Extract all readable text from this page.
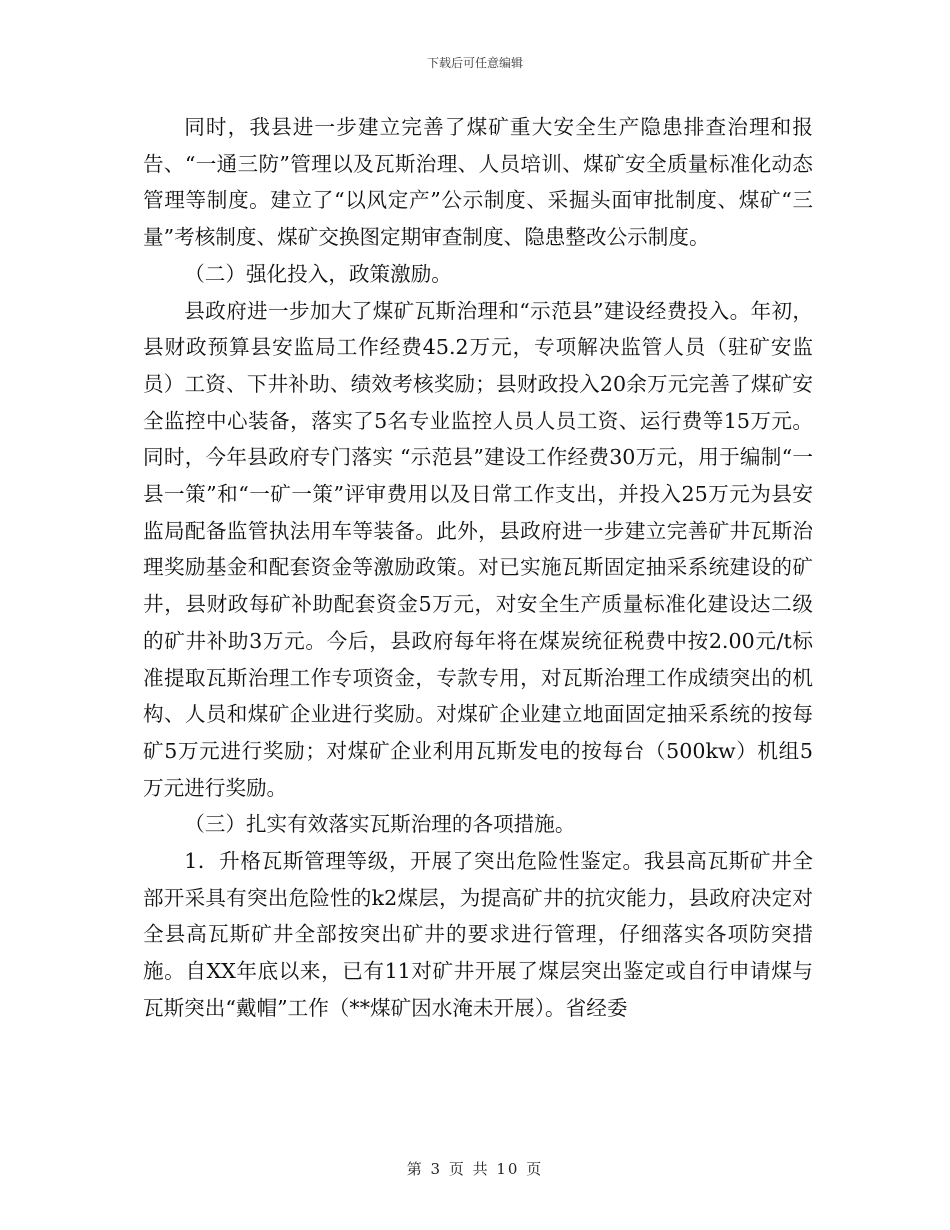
下载后可任意编辑

同时，我县进一步建立完善了煤矿重大安全生产隐患排查治理和报告、“一通三防”管理以及瓦斯治理、人员培训、煤矿安全质量标准化动态管理等制度。建立了“以风定产”公示制度、采掘头面审批制度、煤矿“三量”考核制度、煤矿交换图定期审查制度、隐患整改公示制度。

（二）强化投入，政策激励。

县政府进一步加大了煤矿瓦斯治理和“示范县”建设经费投入。年初，县财政预算县安监局工作经费45.2万元，专项解决监管人员（驻矿安监员）工资、下井补助、绩效考核奖励；县财政投入20余万元完善了煤矿安全监控中心装备，落实了5名专业监控人员人员工资、运行费等15万元。同时，今年县政府专门落实 “示范县”建设工作经费30万元，用于编制“一县一策”和“一矿一策”评审费用以及日常工作支出，并投入25万元为县安监局配备监管执法用车等装备。此外，县政府进一步建立完善矿井瓦斯治理奖励基金和配套资金等激励政策。对已实施瓦斯固定抽采系统建设的矿井，县财政每矿补助配套资金5万元，对安全生产质量标准化建设达二级的矿井补助3万元。今后，县政府每年将在煤炭统征税费中按2.00元/t标准提取瓦斯治理工作专项资金，专款专用，对瓦斯治理工作成绩突出的机构、人员和煤矿企业进行奖励。对煤矿企业建立地面固定抽采系统的按每矿5万元进行奖励；对煤矿企业利用瓦斯发电的按每台（500kw）机组5万元进行奖励。

（三）扎实有效落实瓦斯治理的各项措施。

1．升格瓦斯管理等级，开展了突出危险性鉴定。我县高瓦斯矿井全部开采具有突出危险性的k2煤层，为提高矿井的抗灾能力，县政府决定对全县高瓦斯矿井全部按突出矿井的要求进行管理，仔细落实各项防突措施。自XX年底以来，已有11对矿井开展了煤层突出鉴定或自行申请煤与瓦斯突出“戴帽”工作（**煤矿因水淹未开展）。省经委

第 3 页 共 10 页
